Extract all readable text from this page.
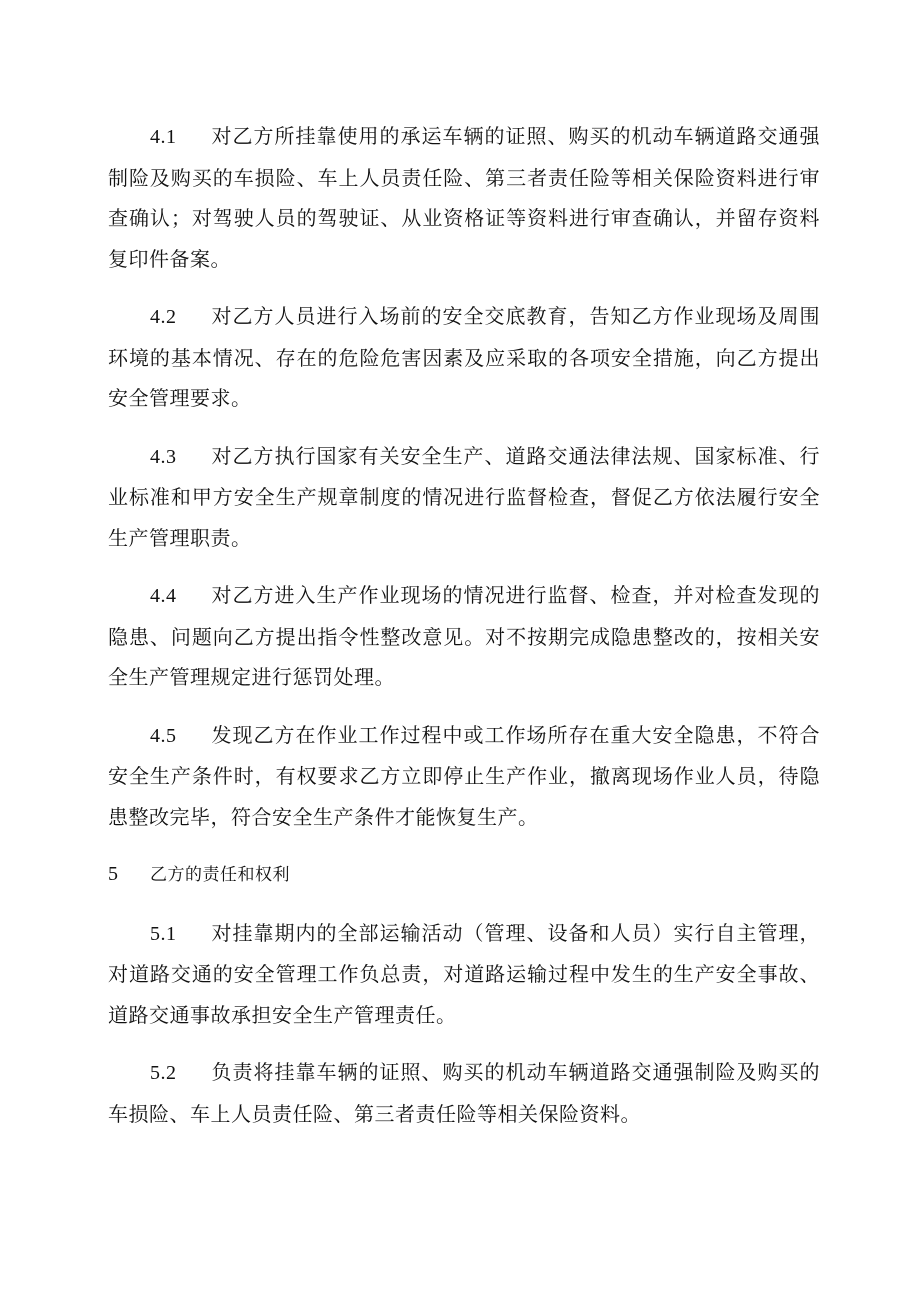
4.1 对乙方所挂靠使用的承运车辆的证照、购买的机动车辆道路交通强制险及购买的车损险、车上人员责任险、第三者责任险等相关保险资料进行审查确认；对驾驶人员的驾驶证、从业资格证等资料进行审查确认，并留存资料复印件备案。

4.2 对乙方人员进行入场前的安全交底教育，告知乙方作业现场及周围环境的基本情况、存在的危险危害因素及应采取的各项安全措施，向乙方提出安全管理要求。

4.3 对乙方执行国家有关安全生产、道路交通法律法规、国家标准、行业标准和甲方安全生产规章制度的情况进行监督检查，督促乙方依法履行安全生产管理职责。

4.4 对乙方进入生产作业现场的情况进行监督、检查，并对检查发现的隐患、问题向乙方提出指令性整改意见。对不按期完成隐患整改的，按相关安全生产管理规定进行惩罚处理。

4.5 发现乙方在作业工作过程中或工作场所存在重大安全隐患，不符合安全生产条件时，有权要求乙方立即停止生产作业，撤离现场作业人员，待隐患整改完毕，符合安全生产条件才能恢复生产。

5 乙方的责任和权利

5.1 对挂靠期内的全部运输活动（管理、设备和人员）实行自主管理，对道路交通的安全管理工作负总责，对道路运输过程中发生的生产安全事故、道路交通事故承担安全生产管理责任。

5.2 负责将挂靠车辆的证照、购买的机动车辆道路交通强制险及购买的车损险、车上人员责任险、第三者责任险等相关保险资料。
